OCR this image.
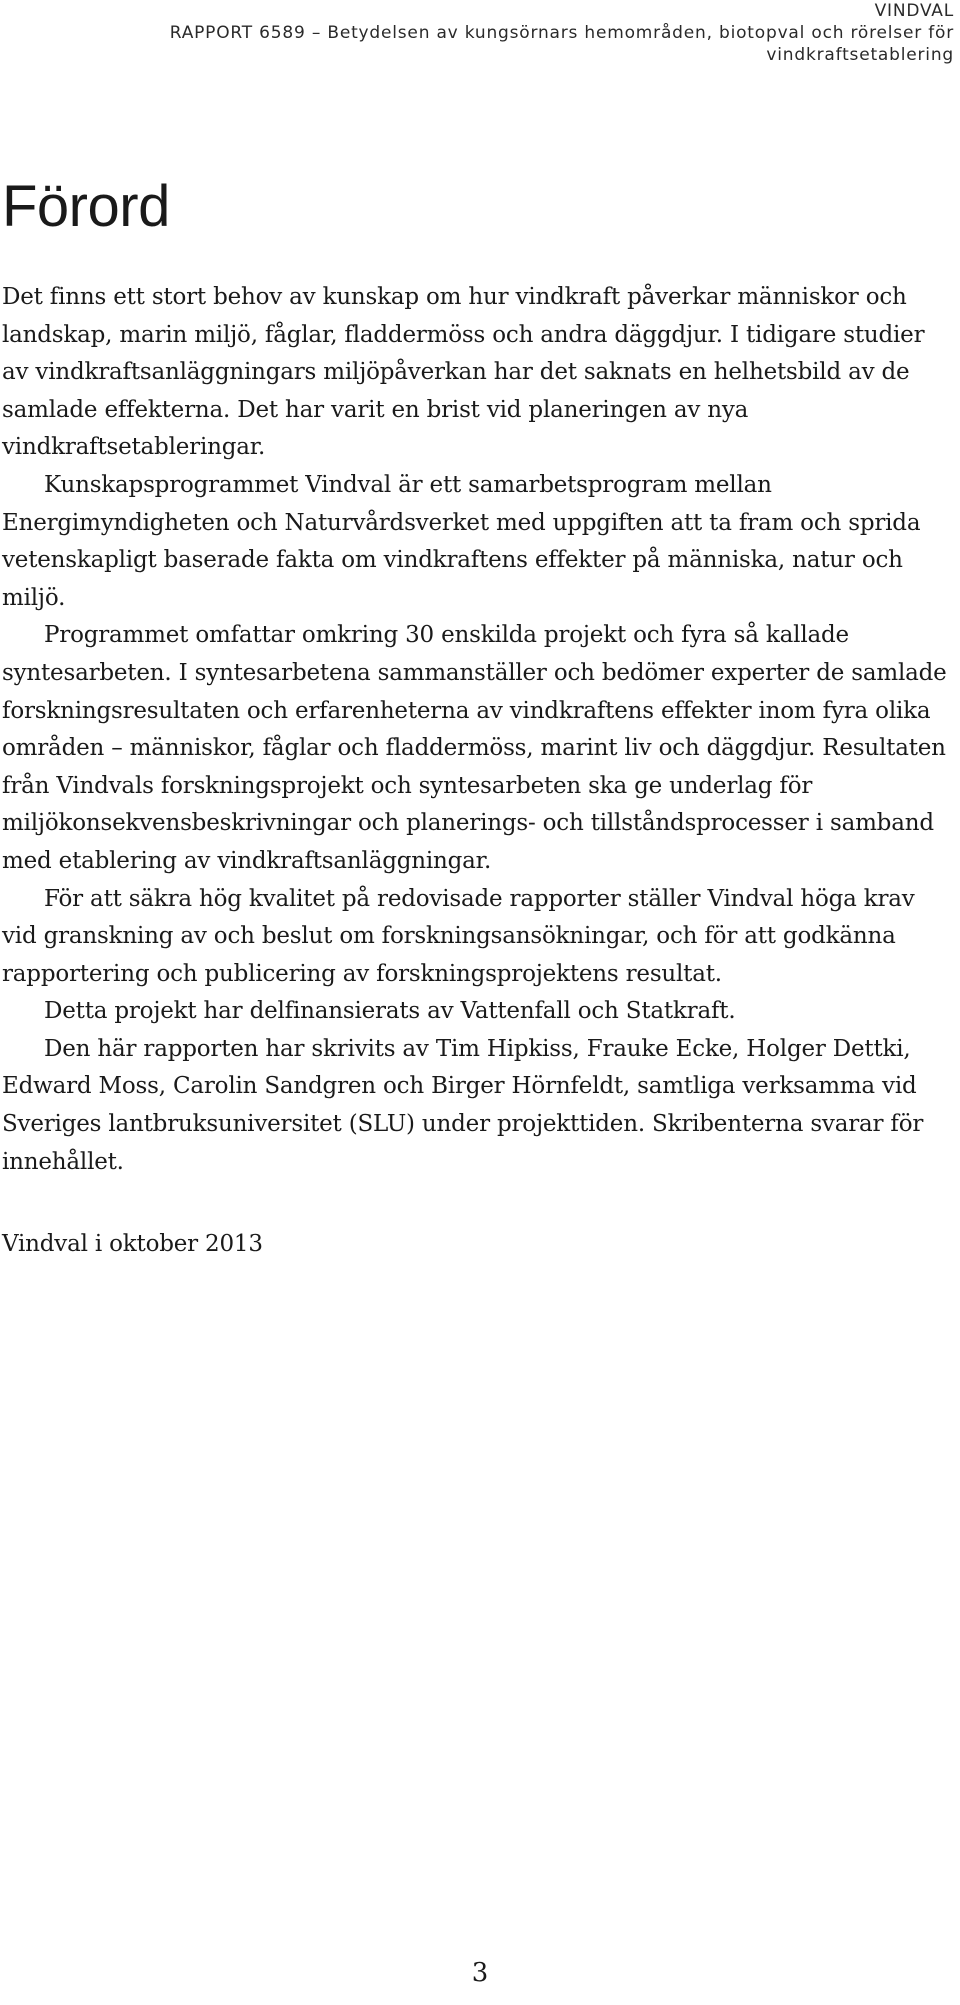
VINDVAL
RAPPORT 6589 – Betydelsen av kungsörnars hemområden, biotopval och rörelser för vindkraftsetablering
Förord

Det finns ett stort behov av kunskap om hur vindkraft påverkar människor och landskap, marin miljö, fåglar, fladdermöss och andra däggdjur. I tidigare studier av vindkraftsanläggningars miljöpåverkan har det saknats en helhetsbild av de samlade effekterna. Det har varit en brist vid planeringen av nya vindkraftsetableringar.

Kunskapsprogrammet Vindval är ett samarbetsprogram mellan Energimyndigheten och Naturvårdsverket med uppgiften att ta fram och sprida vetenskapligt baserade fakta om vindkraftens effekter på människa, natur och miljö.

Programmet omfattar omkring 30 enskilda projekt och fyra så kallade syntesarbeten. I syntesarbetena sammanställer och bedömer experter de samlade forskningsresultaten och erfarenheterna av vindkraftens effekter inom fyra olika områden – människor, fåglar och fladdermöss, marint liv och däggdjur. Resultaten från Vindvals forskningsprojekt och syntesarbeten ska ge underlag för miljökonsekvensbeskrivningar och planerings- och tillståndsprocesser i samband med etablering av vindkraftsanläggningar.

För att säkra hög kvalitet på redovisade rapporter ställer Vindval höga krav vid granskning av och beslut om forskningsansökningar, och för att godkänna rapportering och publicering av forskningsprojektens resultat.

Detta projekt har delfinansierats av Vattenfall och Statkraft.

Den här rapporten har skrivits av Tim Hipkiss, Frauke Ecke, Holger Dettki, Edward Moss, Carolin Sandgren och Birger Hörnfeldt, samtliga verksamma vid Sveriges lantbruksuniversitet (SLU) under projekttiden. Skribenterna svarar för innehållet.

Vindval i oktober 2013

3
